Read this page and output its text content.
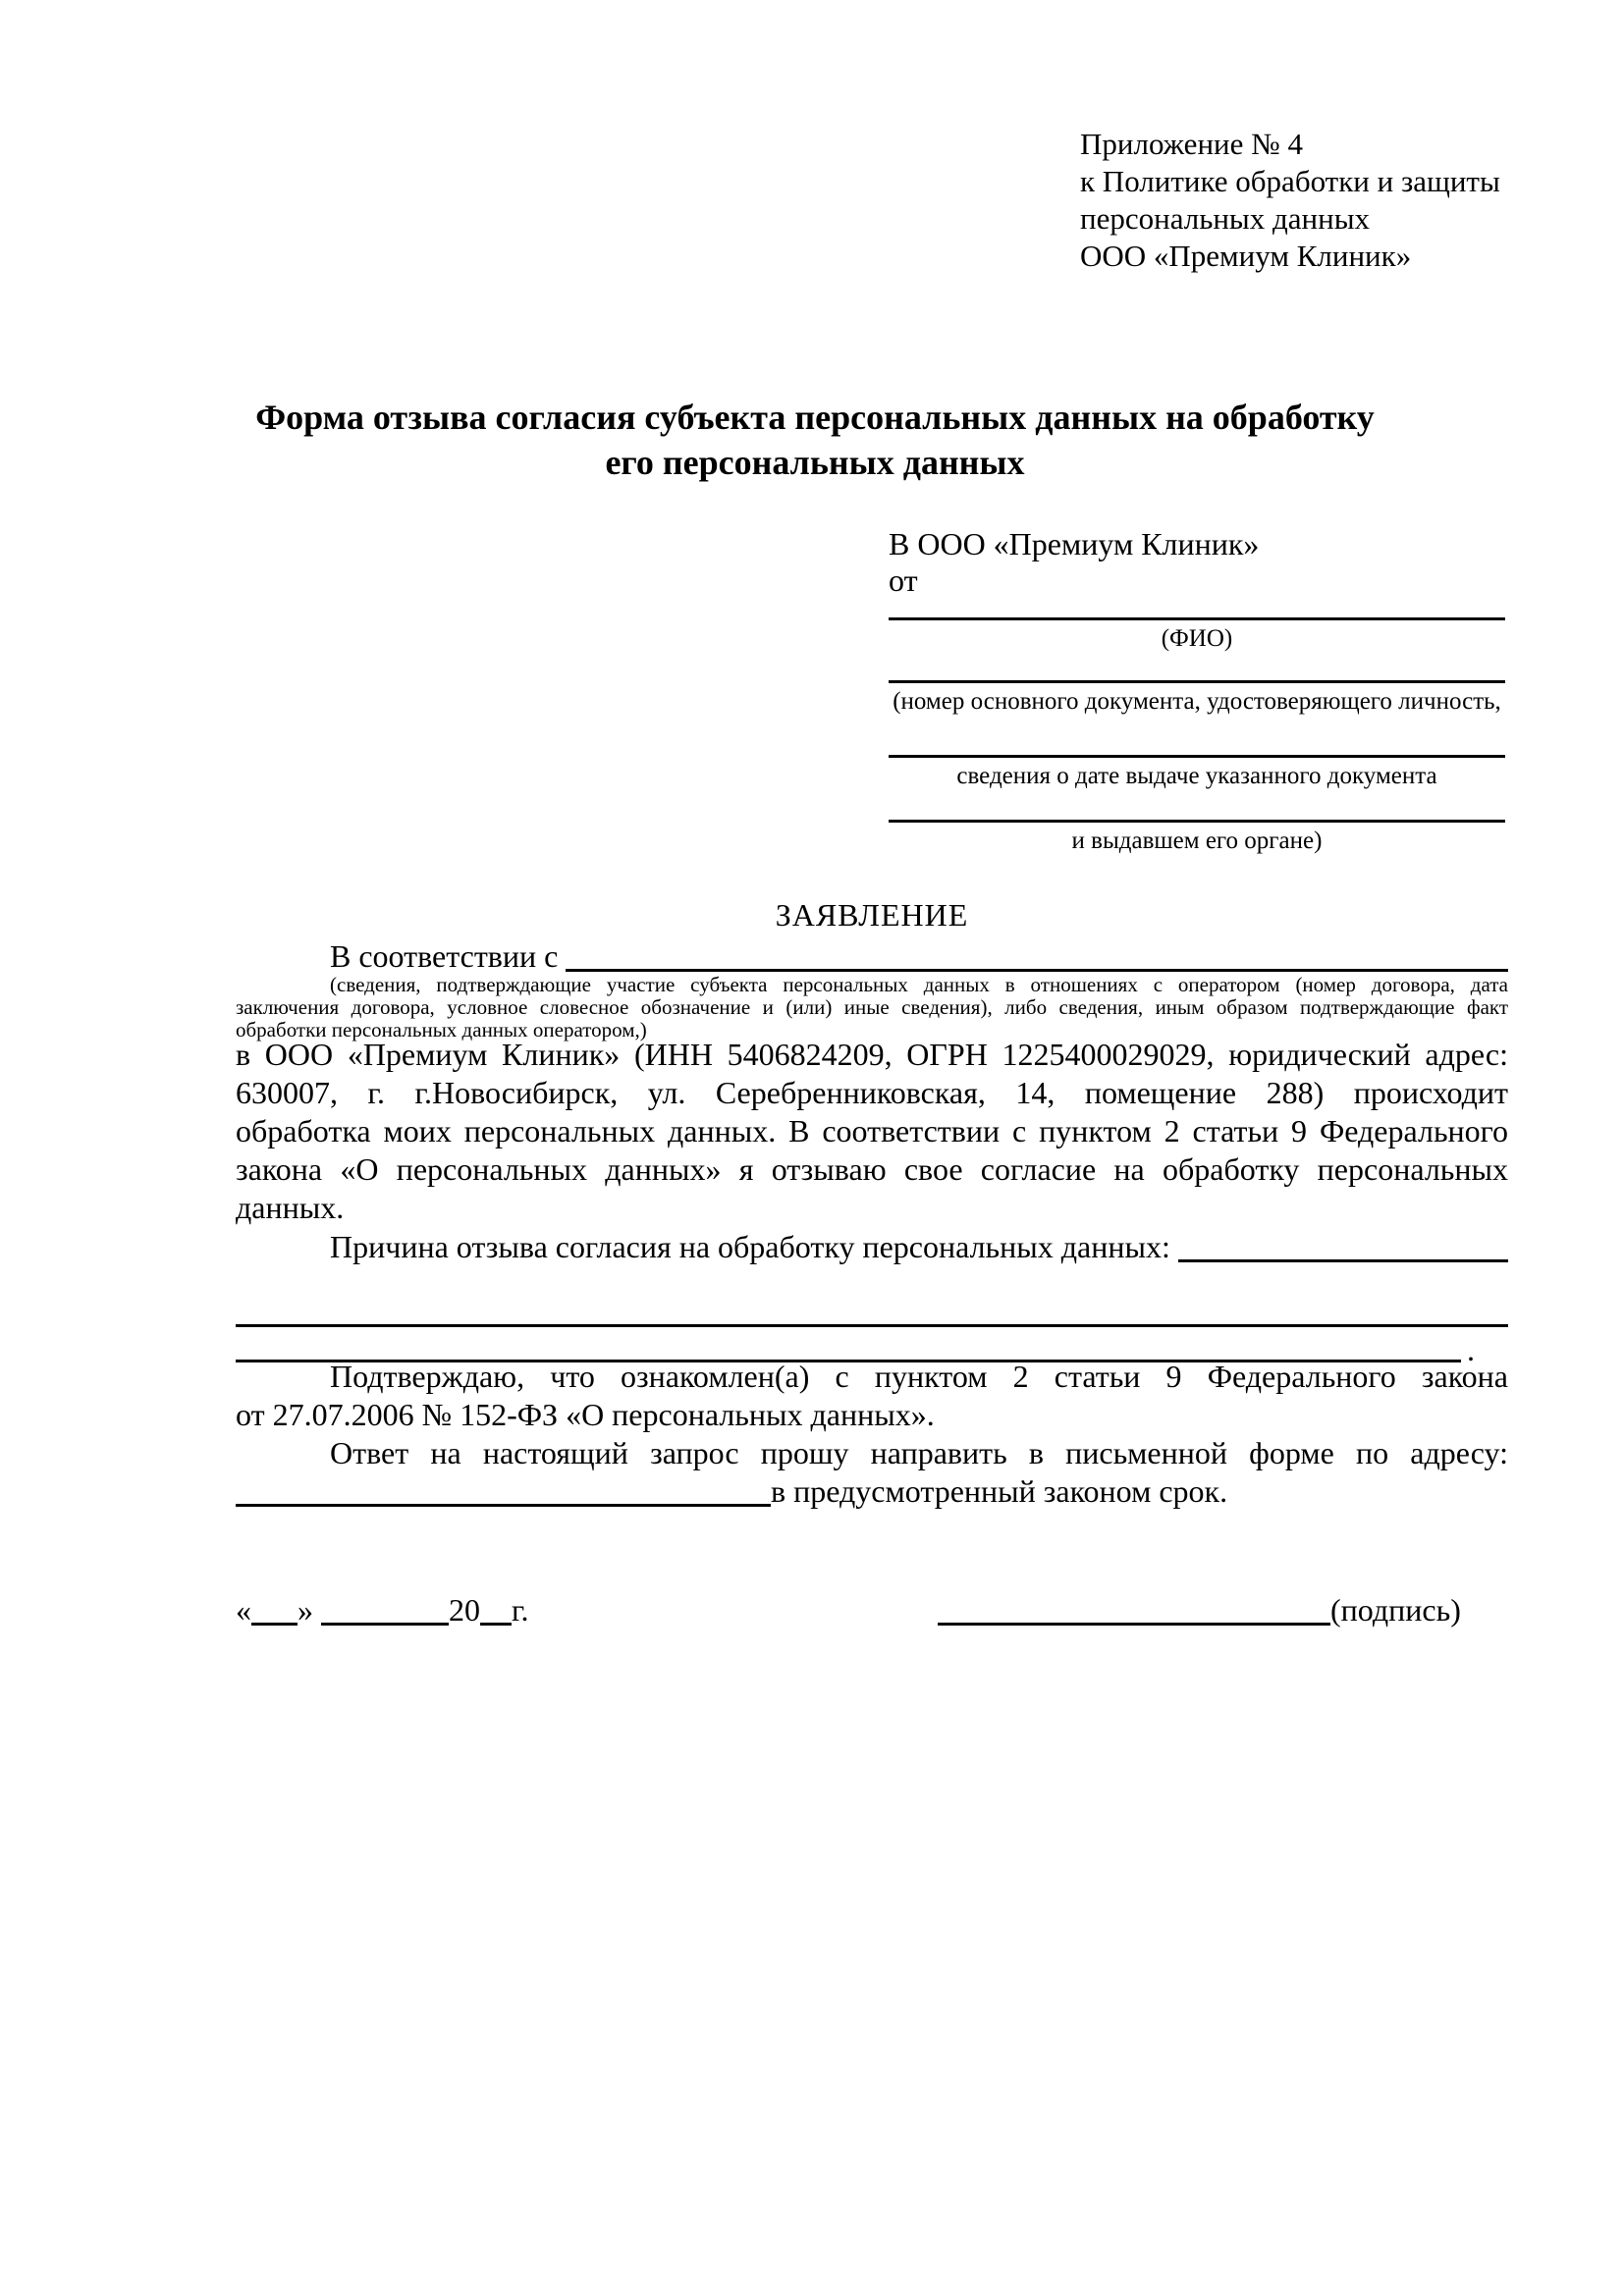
Приложение № 4
к Политике обработки и защиты
персональных данных
ООО «Премиум Клиник»
Форма отзыва согласия субъекта персональных данных на обработку
его персональных данных
В ООО «Премиум Клиник»
от
(ФИО)
(номер основного документа, удостоверяющего личность,
сведения о дате выдаче указанного документа
и выдавшем его органе)
ЗАЯВЛЕНИЕ
В соответствии с

(сведения, подтверждающие участие субъекта персональных данных в отношениях с оператором (номер договора, дата
заключения договора, условное словесное обозначение и (или) иные сведения), либо сведения, иным образом подтверждающие факт
обработки персональных данных оператором,)
в ООО «Премиум Клиник» (ИНН 5406824209, ОГРН 1225400029029, юридический адрес:
630007, г. г.Новосибирск, ул. Серебренниковская, 14, помещение 288) происходит
обработка моих персональных данных. В соответствии с пунктом 2 статьи 9 Федерального
закона «О персональных данных» я отзываю свое согласие на обработку персональных
данных.
Причина отзыва согласия на обработку персональных данных:

.
Подтверждаю, что ознакомлен(а) с пунктом 2 статьи 9 Федерального закона
от 27.07.2006 № 152-ФЗ «О персональных данных».
Ответ на настоящий запрос прошу направить в письменной форме по адресу:
в предусмотренный законом срок.
« »
	20 г.	(подпись)
